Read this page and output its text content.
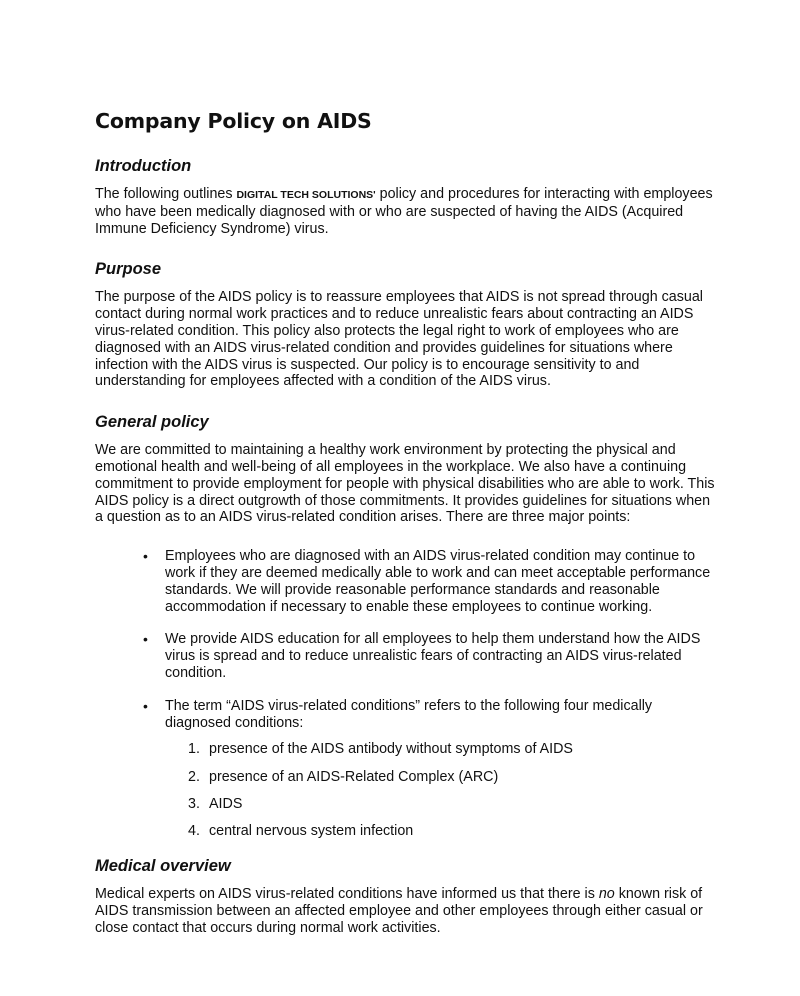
Company Policy on AIDS
Introduction

The following outlines DIGITAL TECH SOLUTIONS' policy and procedures for interacting with employees who have been medically diagnosed with or who are suspected of having the AIDS (Acquired Immune Deficiency Syndrome) virus.

Purpose

The purpose of the AIDS policy is to reassure employees that AIDS is not spread through casual contact during normal work practices and to reduce unrealistic fears about contracting an AIDS virus-related condition. This policy also protects the legal right to work of employees who are diagnosed with an AIDS virus-related condition and provides guidelines for situations where infection with the AIDS virus is suspected. Our policy is to encourage sensitivity to and understanding for employees affected with a condition of the AIDS virus.

General policy

We are committed to maintaining a healthy work environment by protecting the physical and emotional health and well-being of all employees in the workplace. We also have a continuing commitment to provide employment for people with physical disabilities who are able to work. This AIDS policy is a direct outgrowth of those commitments. It provides guidelines for situations when a question as to an AIDS virus-related condition arises. There are three major points:

• Employees who are diagnosed with an AIDS virus-related condition may continue to work if they are deemed medically able to work and can meet acceptable performance standards. We will provide reasonable performance standards and reasonable accommodation if necessary to enable these employees to continue working.
• We provide AIDS education for all employees to help them understand how the AIDS virus is spread and to reduce unrealistic fears of contracting an AIDS virus-related condition.
• The term “AIDS virus-related conditions” refers to the following four medically diagnosed conditions:
1. presence of the AIDS antibody without symptoms of AIDS
2. presence of an AIDS-Related Complex (ARC)
3. AIDS
4. central nervous system infection
Medical overview

Medical experts on AIDS virus-related conditions have informed us that there is no known risk of AIDS transmission between an affected employee and other employees through either casual or close contact that occurs during normal work activities.
